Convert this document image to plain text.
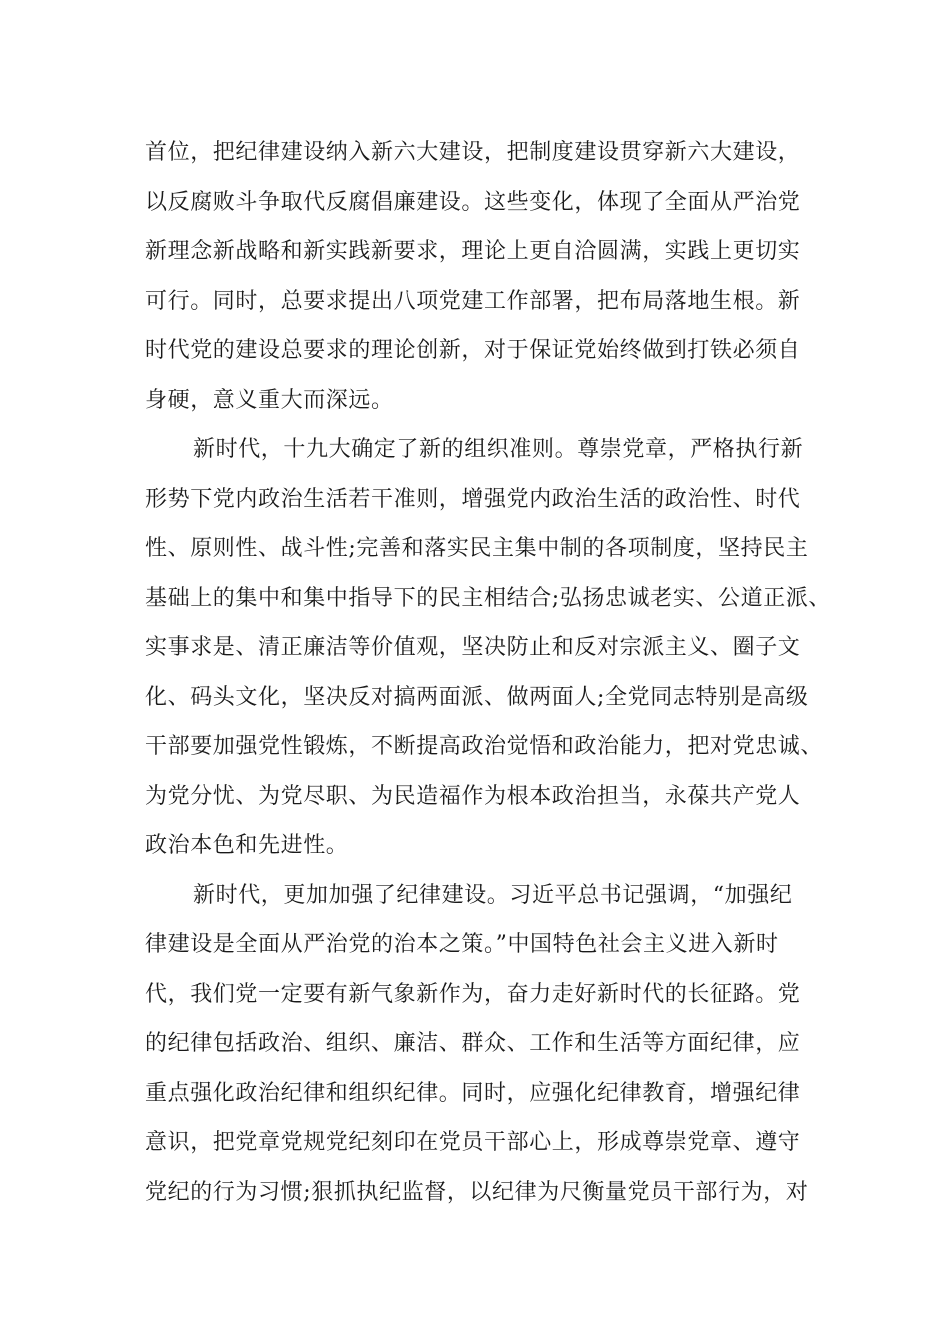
首位，把纪律建设纳入新六大建设，把制度建设贯穿新六大建设，
以反腐败斗争取代反腐倡廉建设。这些变化，体现了全面从严治党
新理念新战略和新实践新要求，理论上更自洽圆满，实践上更切实
可行。同时，总要求提出八项党建工作部署，把布局落地生根。新
时代党的建设总要求的理论创新，对于保证党始终做到打铁必须自
身硬，意义重大而深远。
新时代，十九大确定了新的组织准则。尊崇党章，严格执行新
形势下党内政治生活若干准则，增强党内政治生活的政治性、时代
性、原则性、战斗性;完善和落实民主集中制的各项制度，坚持民主
基础上的集中和集中指导下的民主相结合;弘扬忠诚老实、公道正派、
实事求是、清正廉洁等价值观，坚决防止和反对宗派主义、圈子文
化、码头文化，坚决反对搞两面派、做两面人;全党同志特别是高级
干部要加强党性锻炼，不断提高政治觉悟和政治能力，把对党忠诚、
为党分忧、为党尽职、为民造福作为根本政治担当，永葆共产党人
政治本色和先进性。
新时代，更加加强了纪律建设。习近平总书记强调，“加强纪
律建设是全面从严治党的治本之策。”中国特色社会主义进入新时
代，我们党一定要有新气象新作为，奋力走好新时代的长征路。党
的纪律包括政治、组织、廉洁、群众、工作和生活等方面纪律，应
重点强化政治纪律和组织纪律。同时，应强化纪律教育，增强纪律
意识，把党章党规党纪刻印在党员干部心上，形成尊崇党章、遵守
党纪的行为习惯;狠抓执纪监督，以纪律为尺衡量党员干部行为，对
